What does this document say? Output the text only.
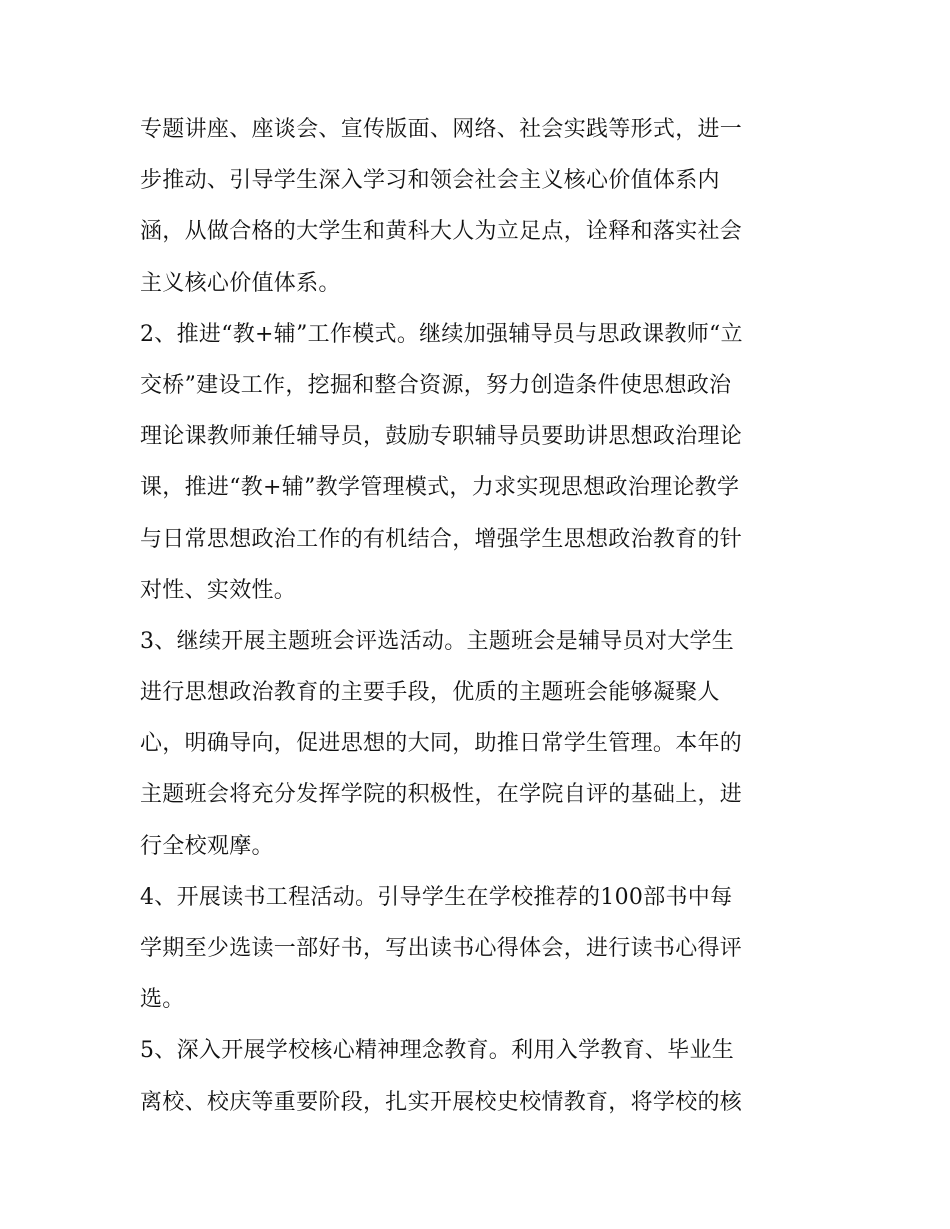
专题讲座、座谈会、宣传版面、网络、社会实践等形式，进一
步推动、引导学生深入学习和领会社会主义核心价值体系内
涵，从做合格的大学生和黄科大人为立足点，诠释和落实社会
主义核心价值体系。
2、推进“教+辅”工作模式。继续加强辅导员与思政课教师“立
交桥”建设工作，挖掘和整合资源，努力创造条件使思想政治
理论课教师兼任辅导员，鼓励专职辅导员要助讲思想政治理论
课，推进“教+辅”教学管理模式，力求实现思想政治理论教学
与日常思想政治工作的有机结合，增强学生思想政治教育的针
对性、实效性。
3、继续开展主题班会评选活动。主题班会是辅导员对大学生
进行思想政治教育的主要手段，优质的主题班会能够凝聚人
心，明确导向，促进思想的大同，助推日常学生管理。本年的
主题班会将充分发挥学院的积极性，在学院自评的基础上，进
行全校观摩。
4、开展读书工程活动。引导学生在学校推荐的100部书中每
学期至少选读一部好书，写出读书心得体会，进行读书心得评
选。
5、深入开展学校核心精神理念教育。利用入学教育、毕业生
离校、校庆等重要阶段，扎实开展校史校情教育，将学校的核
